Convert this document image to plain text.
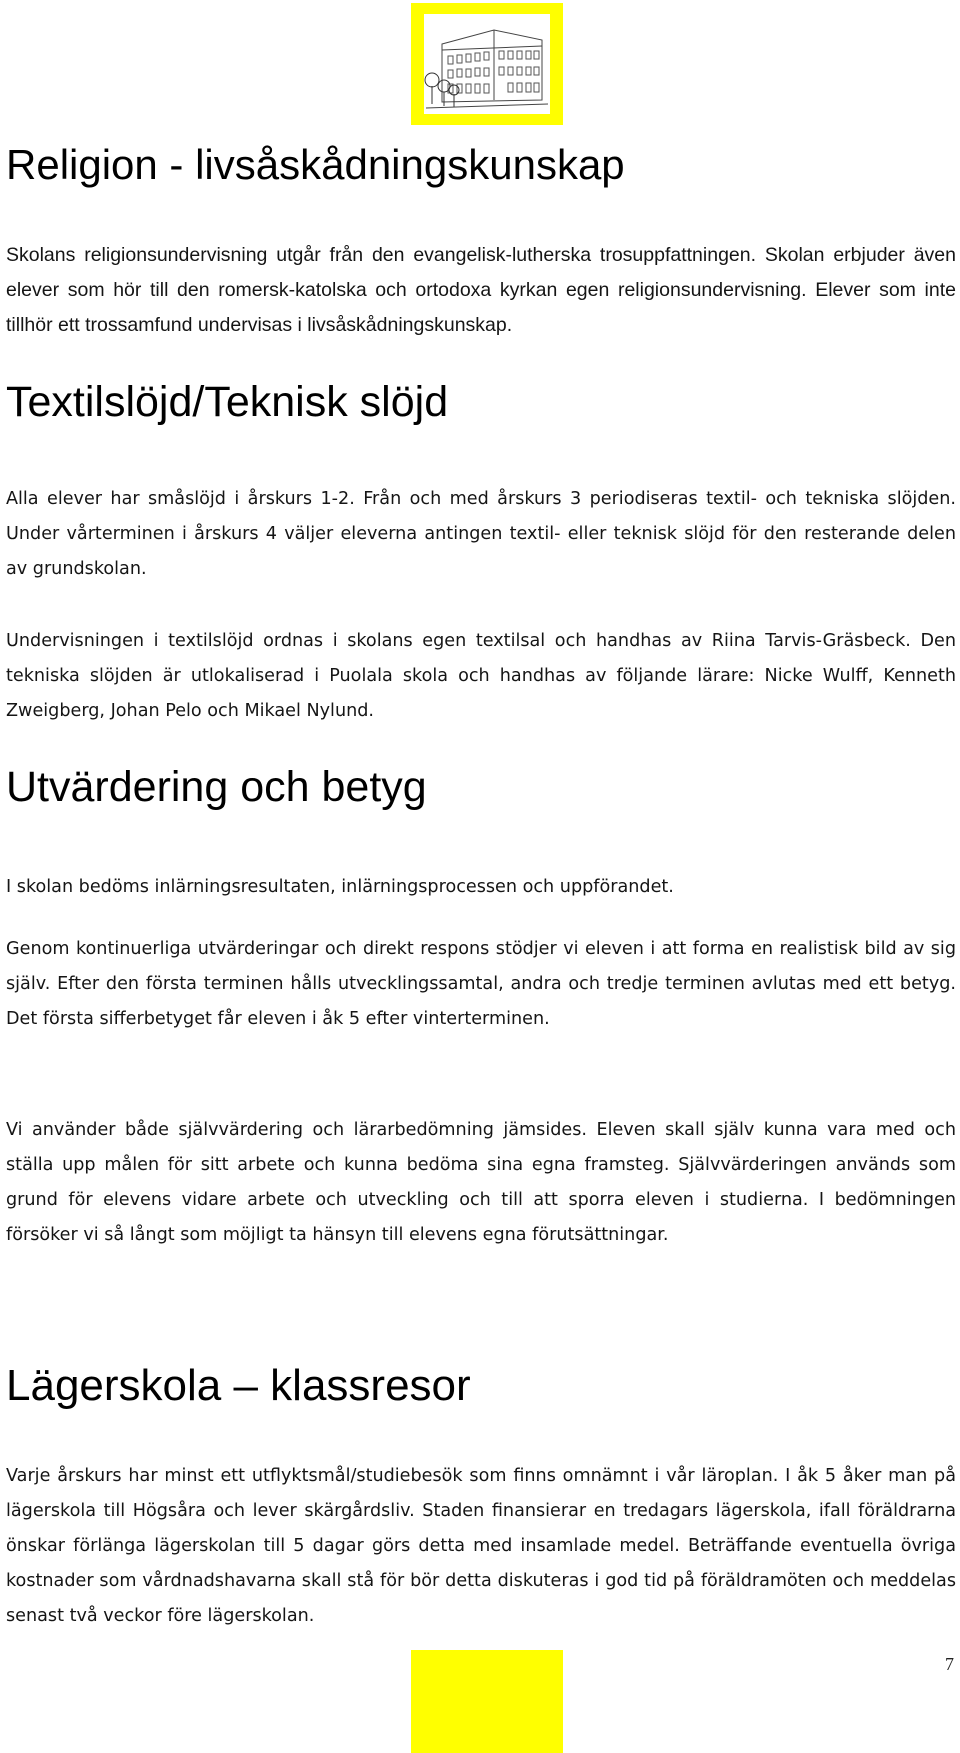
Religion - livsåskådningskunskap

Skolans religionsundervisning utgår från den evangelisk-lutherska trosuppfattningen. Skolan erbjuder även elever som hör till den romersk-katolska och ortodoxa kyrkan egen religionsundervisning. Elever som inte tillhör ett trossamfund undervisas i livsåskådningskunskap.

Textilslöjd/Teknisk slöjd

Alla elever har småslöjd i årskurs 1-2. Från och med årskurs 3 periodiseras textil- och tekniska slöjden. Under vårterminen i årskurs 4 väljer eleverna antingen textil- eller teknisk slöjd för den resterande delen av grundskolan.

Undervisningen i textilslöjd ordnas i skolans egen textilsal och handhas av Riina Tarvis-Gräsbeck. Den tekniska slöjden är utlokaliserad i Puolala skola och handhas av följande lärare: Nicke Wulff, Kenneth Zweigberg, Johan Pelo och Mikael Nylund.

Utvärdering och betyg

I skolan bedöms inlärningsresultaten, inlärningsprocessen och uppförandet.

Genom kontinuerliga utvärderingar och direkt respons stödjer vi eleven i att forma en realistisk bild av sig själv. Efter den första terminen hålls utvecklingssamtal, andra och tredje terminen avlutas med ett betyg. Det första sifferbetyget får eleven i åk 5 efter vinterterminen.

Vi använder både självvärdering och lärarbedömning jämsides. Eleven skall själv kunna vara med och ställa upp målen för sitt arbete och kunna bedöma sina egna framsteg. Självvärderingen används som grund för elevens vidare arbete och utveckling och till att sporra eleven i studierna. I bedömningen försöker vi så långt som möjligt ta hänsyn till elevens egna förutsättningar.

Lägerskola – klassresor

Varje årskurs har minst ett utflyktsmål/studiebesök som finns omnämnt i vår läroplan. I åk 5 åker man på lägerskola till Högsåra och lever skärgårdsliv. Staden finansierar en tredagars lägerskola, ifall föräldrarna önskar förlänga lägerskolan till 5 dagar görs detta med insamlade medel. Beträffande eventuella övriga kostnader som vårdnadshavarna skall stå för bör detta diskuteras i god tid på föräldramöten och meddelas senast två veckor före lägerskolan.

7
